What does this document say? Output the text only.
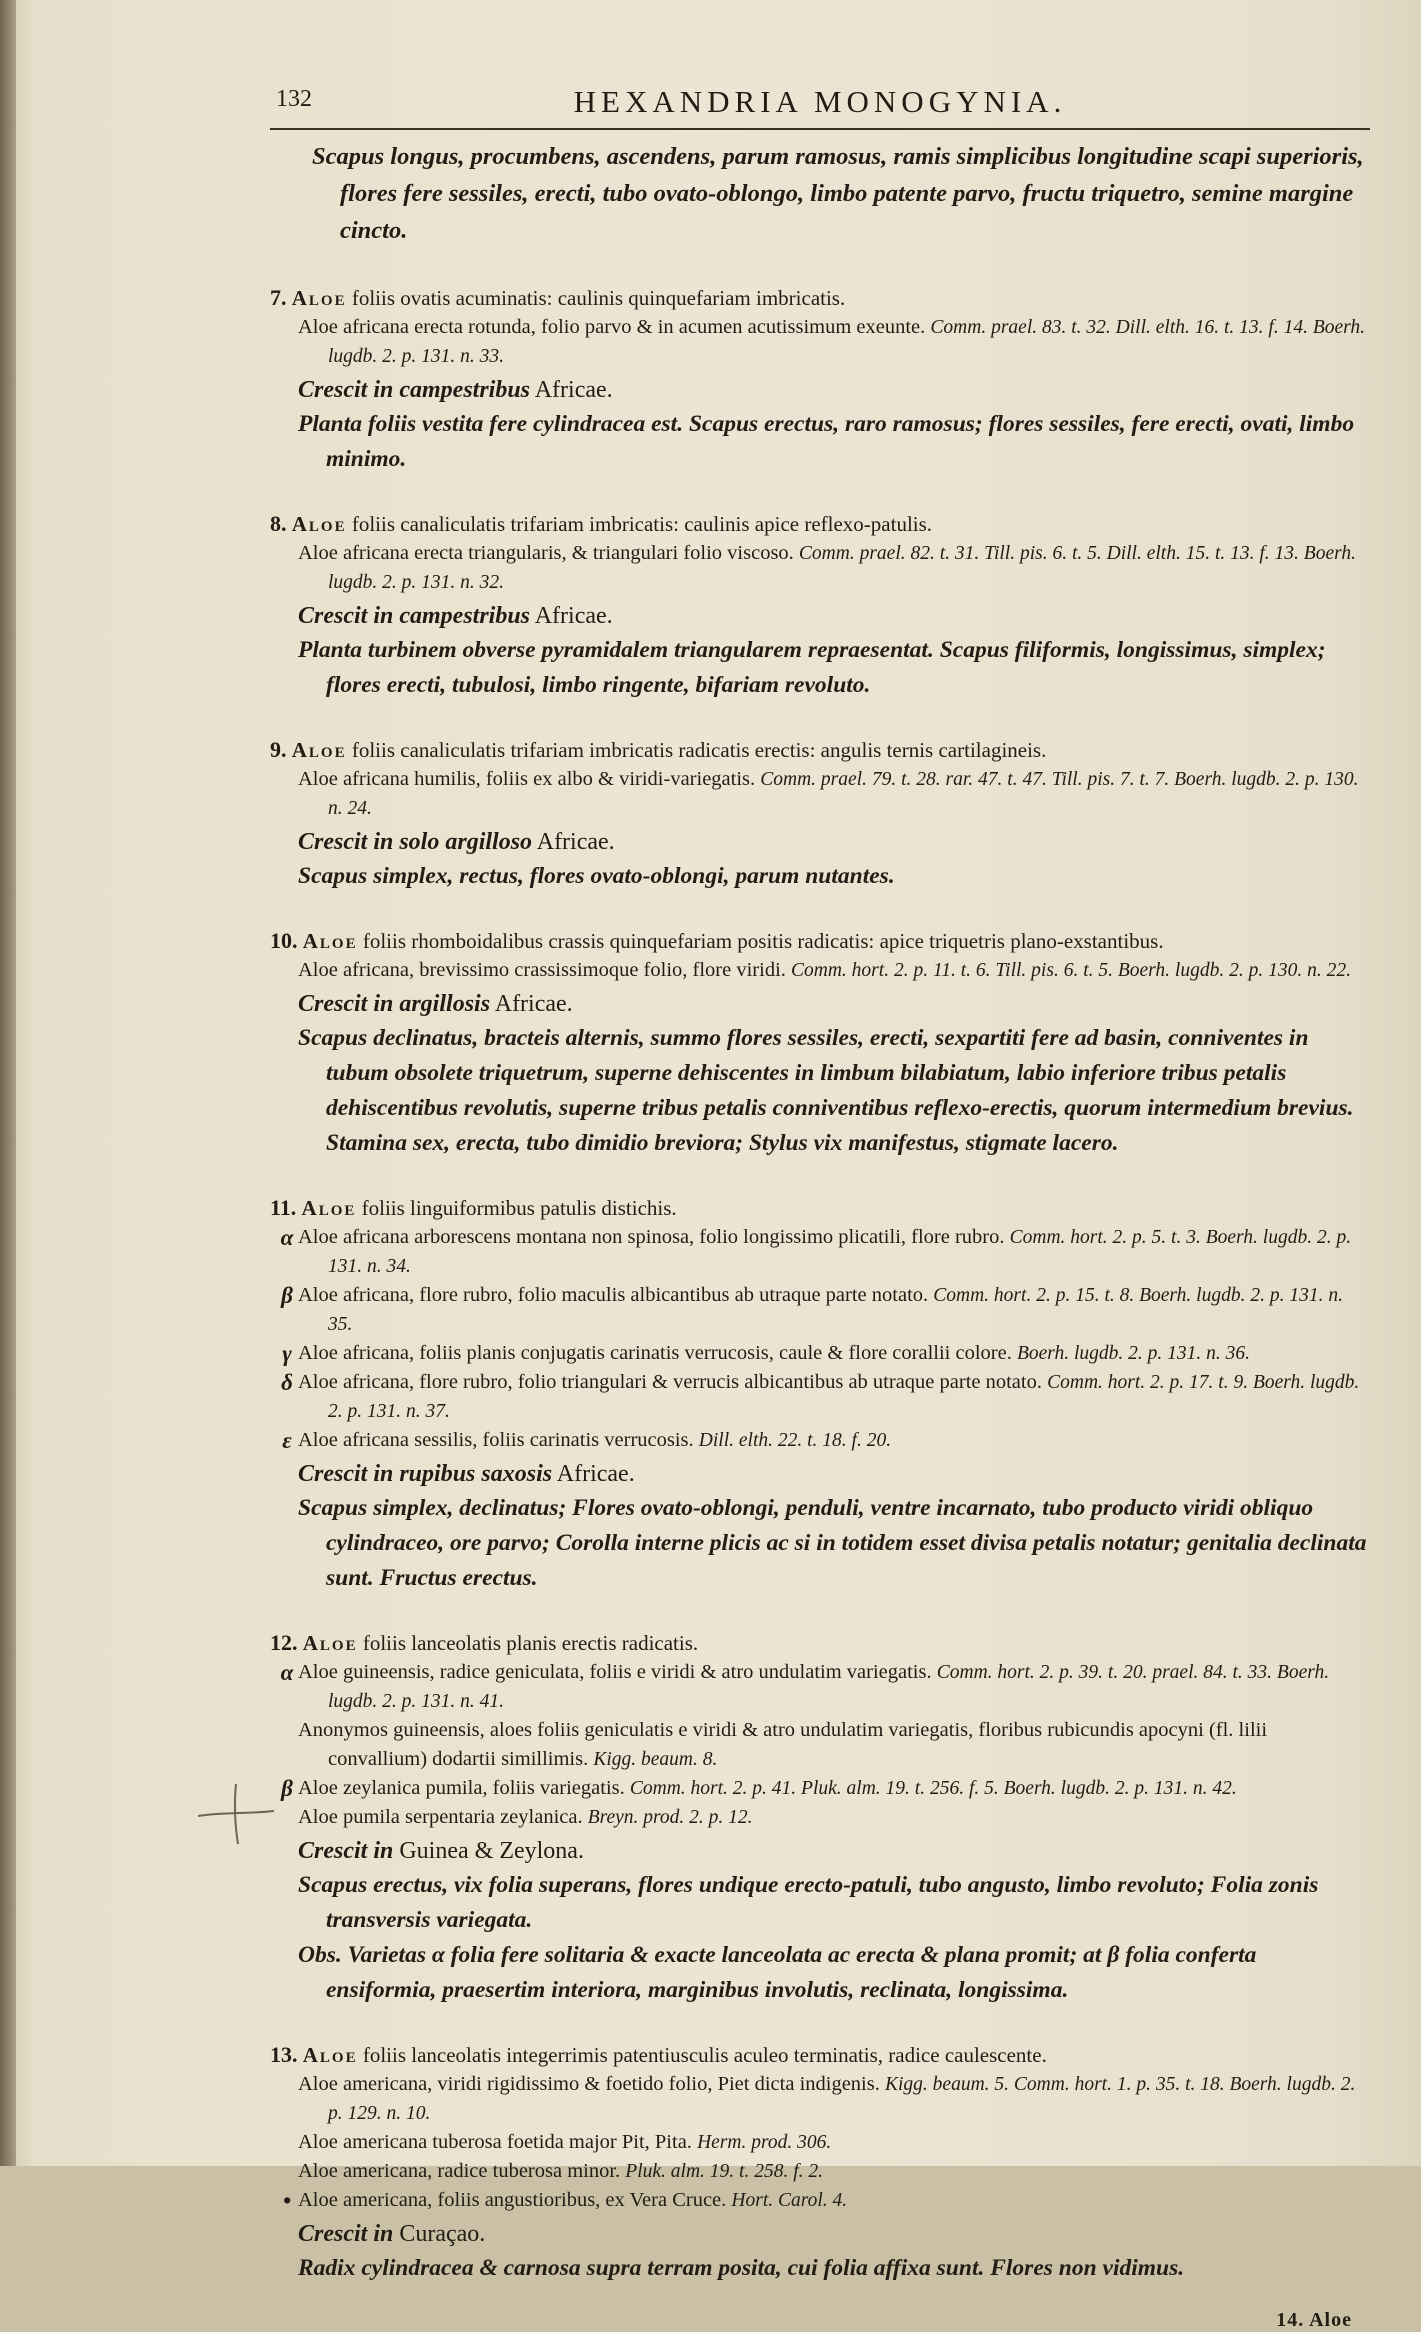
132	HEXANDRIA MONOGYNIA.

Scapus longus, procumbens, ascendens, parum ramosus, ramis simplicibus longitudine scapi superioris, flores fere sessiles, erecti, tubo ovato-oblongo, limbo patente parvo, fructu triquetro, semine margine cincto.

7. Aloe foliis ovatis acuminatis: caulinis quinquefariam imbricatis.

Aloe africana erecta rotunda, folio parvo & in acumen acutissimum exeunte. Comm. prael. 83. t. 32. Dill. elth. 16. t. 13. f. 14. Boerh. lugdb. 2. p. 131. n. 33.

Crescit in campestribus Africae.

Planta foliis vestita fere cylindracea est. Scapus erectus, raro ramosus; flores sessiles, fere erecti, ovati, limbo minimo.

8. Aloe foliis canaliculatis trifariam imbricatis: caulinis apice reflexo-patulis.

Aloe africana erecta triangularis, & triangulari folio viscoso. Comm. prael. 82. t. 31. Till. pis. 6. t. 5. Dill. elth. 15. t. 13. f. 13. Boerh. lugdb. 2. p. 131. n. 32.

Crescit in campestribus Africae.

Planta turbinem obverse pyramidalem triangularem repraesentat. Scapus filiformis, longissimus, simplex; flores erecti, tubulosi, limbo ringente, bifariam revoluto.

9. Aloe foliis canaliculatis trifariam imbricatis radicatis erectis: angulis ternis cartilagineis.

Aloe africana humilis, foliis ex albo & viridi-variegatis. Comm. prael. 79. t. 28. rar. 47. t. 47. Till. pis. 7. t. 7. Boerh. lugdb. 2. p. 130. n. 24.

Crescit in solo argilloso Africae.

Scapus simplex, rectus, flores ovato-oblongi, parum nutantes.

10. Aloe foliis rhomboidalibus crassis quinquefariam positis radicatis: apice triquetris plano-exstantibus.

Aloe africana, brevissimo crassissimoque folio, flore viridi. Comm. hort. 2. p. 11. t. 6. Till. pis. 6. t. 5. Boerh. lugdb. 2. p. 130. n. 22.

Crescit in argillosis Africae.

Scapus declinatus, bracteis alternis, summo flores sessiles, erecti, sexpartiti fere ad basin, conniventes in tubum obsolete triquetrum, superne dehiscentes in limbum bilabiatum, labio inferiore tribus petalis dehiscentibus revolutis, superne tribus petalis conniventibus reflexo-erectis, quorum intermedium brevius. Stamina sex, erecta, tubo dimidio breviora; Stylus vix manifestus, stigmate lacero.

11. Aloe foliis linguiformibus patulis distichis.

α Aloe africana arborescens montana non spinosa, folio longissimo plicatili, flore rubro. Comm. hort. 2. p. 5. t. 3. Boerh. lugdb. 2. p. 131. n. 34.

β Aloe africana, flore rubro, folio maculis albicantibus ab utraque parte notato. Comm. hort. 2. p. 15. t. 8. Boerh. lugdb. 2. p. 131. n. 35.

γ Aloe africana, foliis planis conjugatis carinatis verrucosis, caule & flore corallii colore. Boerh. lugdb. 2. p. 131. n. 36.

δ Aloe africana, flore rubro, folio triangulari & verrucis albicantibus ab utraque parte notato. Comm. hort. 2. p. 17. t. 9. Boerh. lugdb. 2. p. 131. n. 37.

ε Aloe africana sessilis, foliis carinatis verrucosis. Dill. elth. 22. t. 18. f. 20.

Crescit in rupibus saxosis Africae.

Scapus simplex, declinatus; Flores ovato-oblongi, penduli, ventre incarnato, tubo producto viridi obliquo cylindraceo, ore parvo; Corolla interne plicis ac si in totidem esset divisa petalis notatur; genitalia declinata sunt. Fructus erectus.

12. Aloe foliis lanceolatis planis erectis radicatis.

α Aloe guineensis, radice geniculata, foliis e viridi & atro undulatim variegatis. Comm. hort. 2. p. 39. t. 20. prael. 84. t. 33. Boerh. lugdb. 2. p. 131. n. 41.

Anonymos guineensis, aloes foliis geniculatis e viridi & atro undulatim variegatis, floribus rubicundis apocyni (fl. lilii convallium) dodartii simillimis. Kigg. beaum. 8.

β Aloe zeylanica pumila, foliis variegatis. Comm. hort. 2. p. 41. Pluk. alm. 19. t. 256. f. 5. Boerh. lugdb. 2. p. 131. n. 42.

Aloe pumila serpentaria zeylanica. Breyn. prod. 2. p. 12.

Crescit in Guinea & Zeylona.

Scapus erectus, vix folia superans, flores undique erecto-patuli, tubo angusto, limbo revoluto; Folia zonis transversis variegata.

Obs. Varietas α folia fere solitaria & exacte lanceolata ac erecta & plana promit; at β folia conferta ensiformia, praesertim interiora, marginibus involutis, reclinata, longissima.

13. Aloe foliis lanceolatis integerrimis patentiusculis aculeo terminatis, radice caulescente.

Aloe americana, viridi rigidissimo & foetido folio, Piet dicta indigenis. Kigg. beaum. 5. Comm. hort. 1. p. 35. t. 18. Boerh. lugdb. 2. p. 129. n. 10.

Aloe americana tuberosa foetida major Pit, Pita. Herm. prod. 306.

Aloe americana, radice tuberosa minor. Pluk. alm. 19. t. 258. f. 2.

• Aloe americana, foliis angustioribus, ex Vera Cruce. Hort. Carol. 4.

Crescit in Curaçao.

Radix cylindracea & carnosa supra terram posita, cui folia affixa sunt. Flores non vidimus.

14. Aloe
